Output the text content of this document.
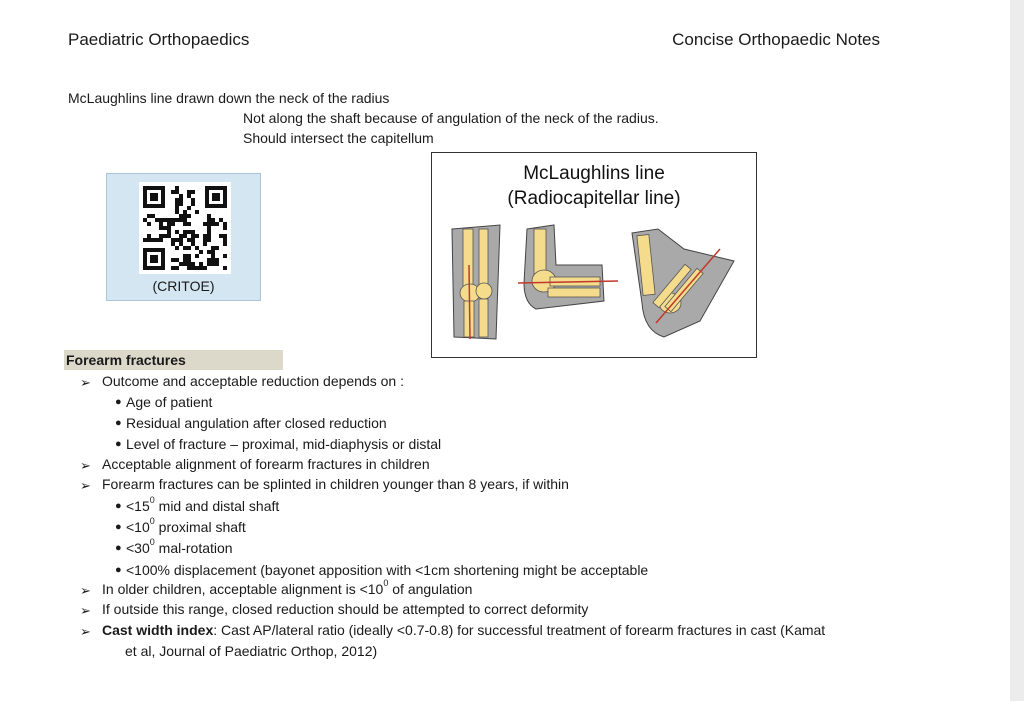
Paediatric Orthopaedics	Concise Orthopaedic Notes
McLaughlins line drawn down the neck of the radius
Not along the shaft because of angulation of the neck of the radius.
Should intersect the capitellum
(CRITOE)
McLaughlins line
(Radiocapitellar line)
Forearm fractures
➢ Outcome and acceptable reduction depends on :
● Age of patient
● Residual angulation after closed reduction
● Level of fracture – proximal, mid-diaphysis or distal
➢ Acceptable alignment of forearm fractures in children
➢ Forearm fractures can be splinted in children younger than 8 years, if within
● $<15^0$ mid and distal shaft
● $<10^0$ proximal shaft
● $<30^0$ mal-rotation
● <100% displacement (bayonet apposition with <1cm shortening might be acceptable
➢ In older children, acceptable alignment is $<10^0$ of angulation
➢ If outside this range, closed reduction should be attempted to correct deformity
➢ Cast width index: Cast AP/lateral ratio (ideally <0.7-0.8) for successful treatment of forearm fractures in cast (Kamat
et al, Journal of Paediatric Orthop, 2012)
